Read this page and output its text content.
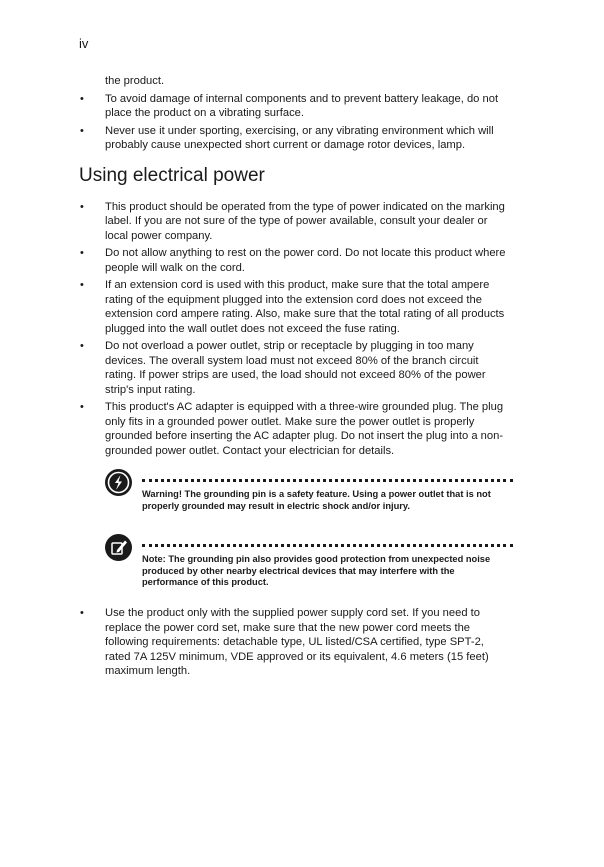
iv

the product.

• To avoid damage of internal components and to prevent battery leakage, do not place the product on a vibrating surface.
• Never use it under sporting, exercising, or any vibrating environment which will probably cause unexpected short current or damage rotor devices, lamp.
Using electrical power
• This product should be operated from the type of power indicated on the marking label. If you are not sure of the type of power available, consult your dealer or local power company.
• Do not allow anything to rest on the power cord. Do not locate this product where people will walk on the cord.
• If an extension cord is used with this product, make sure that the total ampere rating of the equipment plugged into the extension cord does not exceed the extension cord ampere rating. Also, make sure that the total rating of all products plugged into the wall outlet does not exceed the fuse rating.
• Do not overload a power outlet, strip or receptacle by plugging in too many devices. The overall system load must not exceed 80% of the branch circuit rating. If power strips are used, the load should not exceed 80% of the power strip's input rating.
• This product's AC adapter is equipped with a three-wire grounded plug. The plug only fits in a grounded power outlet. Make sure the power outlet is properly grounded before inserting the AC adapter plug. Do not insert the plug into a non-grounded power outlet. Contact your electrician for details.
Warning! The grounding pin is a safety feature. Using a power outlet that is not properly grounded may result in electric shock and/or injury.
Note: The grounding pin also provides good protection from unexpected noise produced by other nearby electrical devices that may interfere with the performance of this product.
• Use the product only with the supplied power supply cord set. If you need to replace the power cord set, make sure that the new power cord meets the following requirements: detachable type, UL listed/CSA certified, type SPT-2, rated 7A 125V minimum, VDE approved or its equivalent, 4.6 meters (15 feet) maximum length.
